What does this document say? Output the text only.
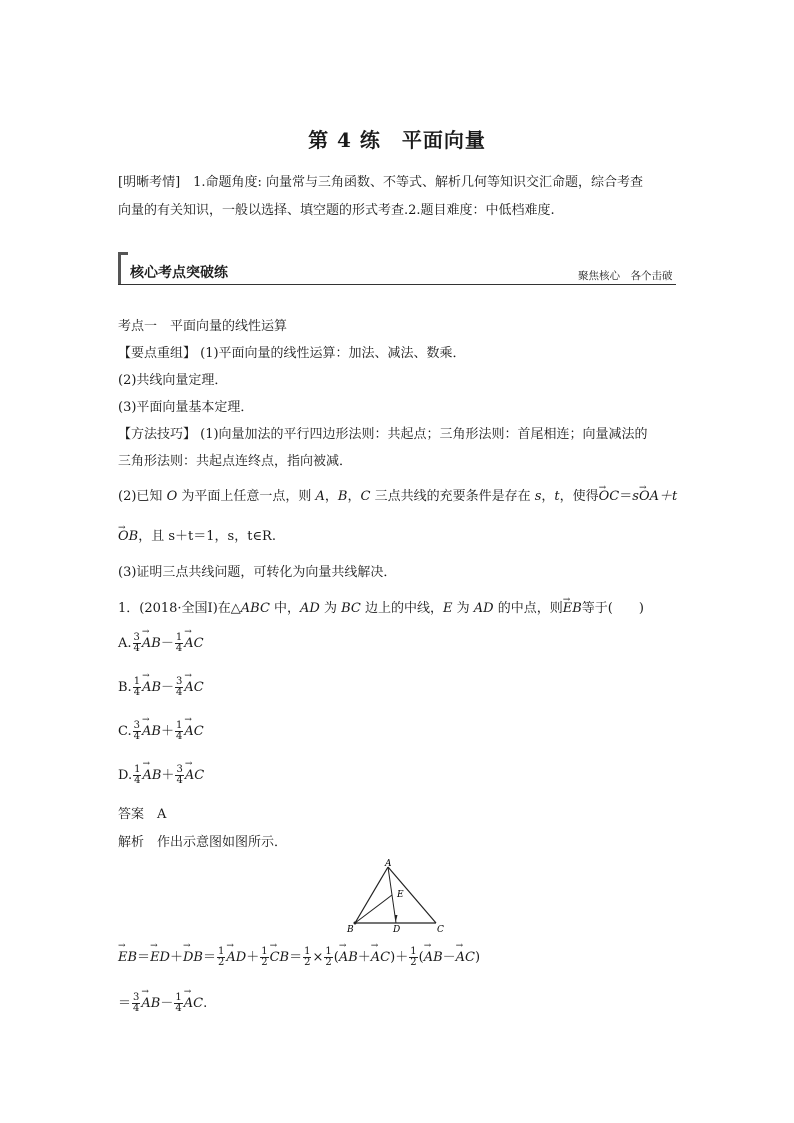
第 4 练　平面向量
[明晰考情]　1.命题角度: 向量常与三角函数、不等式、解析几何等知识交汇命题，综合考查
向量的有关知识，一般以选择、填空题的形式考查.2.题目难度：中低档难度.
核心考点突破练	聚焦核心　各个击破
考点一　平面向量的线性运算
【要点重组】 (1)平面向量的线性运算：加法、减法、数乘．
(2)共线向量定理．
(3)平面向量基本定理．
【方法技巧】 (1)向量加法的平行四边形法则：共起点；三角形法则：首尾相连；向量减法的
三角形法则：共起点连终点，指向被减．
(2)已知 O 为平面上任意一点，则 A，B，C 三点共线的充要条件是存在 s，t，使得→ OC＝s→ OA＋t
→ OB，且 s＋t＝1，s，t∈R.
(3)证明三点共线问题，可转化为向量共线解决．
1．(2018·全国Ⅰ)在△ABC 中，AD 为 BC 边上的中线，E 为 AD 的中点，则→ EB等于(　　)
A. $\frac{3}{4}$
→ $AB- \frac{1}{4}$
→ AC
B. $\frac{1}{4}$
→ $AB- \frac{3}{4}$
→ AC
C. $\frac{3}{4}$
→ $AB+ \frac{1}{4}$
→ AC
D. $\frac{1}{4}$
→ $AB+ \frac{3}{4}$
→ AC
答案　A
解析　作出示意图如图所示．
A
B	C
D
E
→ $EB=\to ED+\to DB= \frac{1}{2}$
→ $AD+ \frac{1}{2}$
→ $CB= \frac{1}{2} \times \frac{1}{2}$ (→ $AB+\to AC)+ \frac{1}{2}$ (→ AB－→ AC)
＝ $\frac{3}{4}$
→ $AB- \frac{1}{4}$
→ AC.
